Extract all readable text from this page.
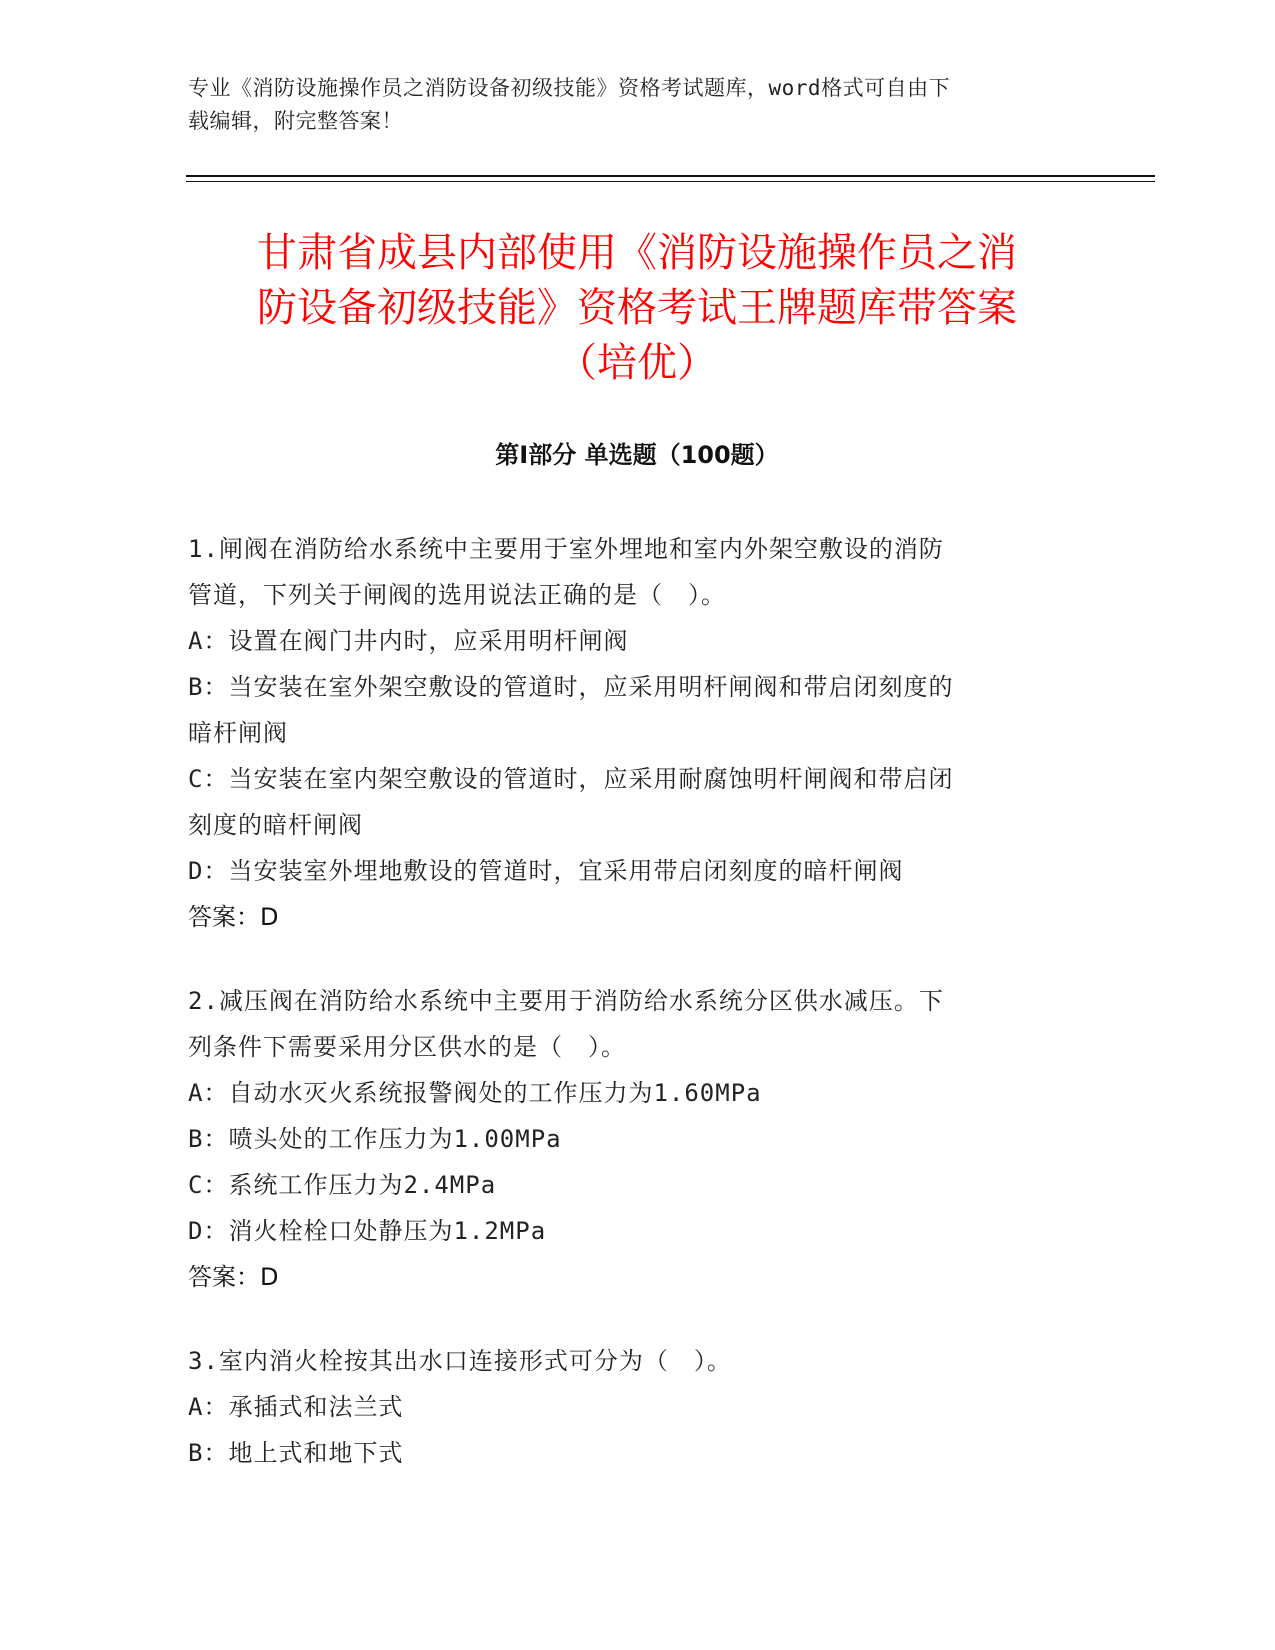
专业《消防设施操作员之消防设备初级技能》资格考试题库，word格式可自由下
载编辑，附完整答案！
甘肃省成县内部使用《消防设施操作员之消
防设备初级技能》资格考试王牌题库带答案
（培优）
第Ⅰ部分 单选题（100题）

1.闸阀在消防给水系统中主要用于室外埋地和室内外架空敷设的消防

管道，下列关于闸阀的选用说法正确的是（　）。

A：设置在阀门井内时，应采用明杆闸阀

B：当安装在室外架空敷设的管道时，应采用明杆闸阀和带启闭刻度的

暗杆闸阀

C：当安装在室内架空敷设的管道时，应采用耐腐蚀明杆闸阀和带启闭

刻度的暗杆闸阀

D：当安装室外埋地敷设的管道时，宜采用带启闭刻度的暗杆闸阀

答案：D

2.减压阀在消防给水系统中主要用于消防给水系统分区供水减压。下

列条件下需要采用分区供水的是（　）。

A：自动水灭火系统报警阀处的工作压力为1.60MPa

B：喷头处的工作压力为1.00MPa

C：系统工作压力为2.4MPa

D：消火栓栓口处静压为1.2MPa

答案：D

3.室内消火栓按其出水口连接形式可分为（　）。

A：承插式和法兰式

B：地上式和地下式
